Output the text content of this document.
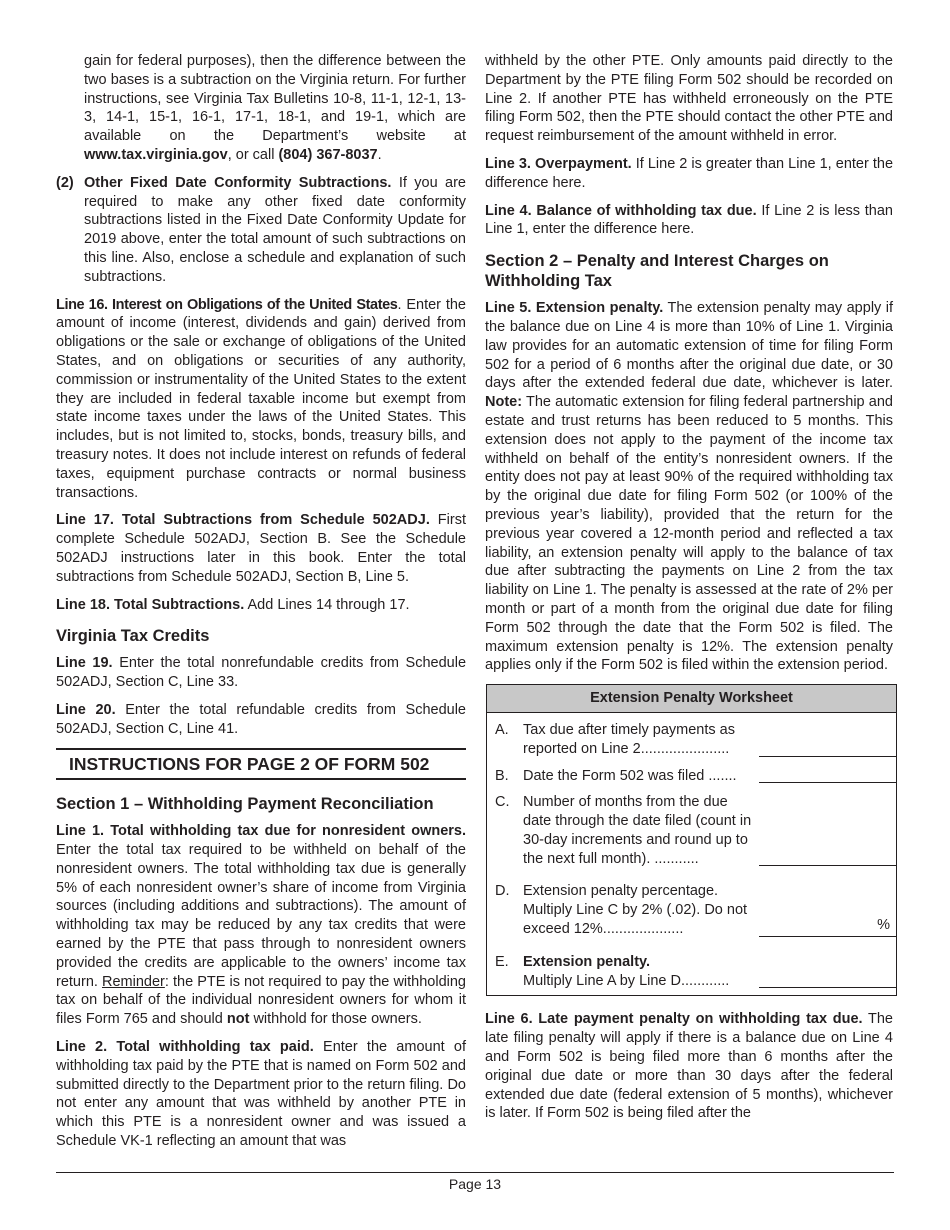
gain for federal purposes), then the difference between the two bases is a subtraction on the Virginia return. For further instructions, see Virginia Tax Bulletins 10-8, 11-1, 12-1, 13-3, 14-1, 15-1, 16-1, 17-1, 18-1, and 19-1, which are available on the Department’s website at www.tax.virginia.gov, or call (804) 367-8037.

(2) Other Fixed Date Conformity Subtractions. If you are required to make any other fixed date conformity subtractions listed in the Fixed Date Conformity Update for 2019 above, enter the total amount of such subtractions on this line. Also, enclose a schedule and explanation of such subtractions.

Line 16. Interest on Obligations of the United States. Enter the amount of income (interest, dividends and gain) derived from obligations or the sale or exchange of obligations of the United States, and on obligations or securities of any authority, commission or instrumentality of the United States to the extent they are included in federal taxable income but exempt from state income taxes under the laws of the United States. This includes, but is not limited to, stocks, bonds, treasury bills, and treasury notes. It does not include interest on refunds of federal taxes, equipment purchase contracts or normal business transactions.

Line 17. Total Subtractions from Schedule 502ADJ. First complete Schedule 502ADJ, Section B. See the Schedule 502ADJ instructions later in this book. Enter the total subtractions from Schedule 502ADJ, Section B, Line 5.

Line 18. Total Subtractions. Add Lines 14 through 17.

Virginia Tax Credits

Line 19. Enter the total nonrefundable credits from Schedule 502ADJ, Section C, Line 33.

Line 20. Enter the total refundable credits from Schedule 502ADJ, Section C, Line 41.

INSTRUCTIONS FOR PAGE 2 OF FORM 502
Section 1 – Withholding Payment Reconciliation

Line 1. Total withholding tax due for nonresident owners. Enter the total tax required to be withheld on behalf of the nonresident owners. The total withholding tax due is generally 5% of each nonresident owner’s share of income from Virginia sources (including additions and subtractions). The amount of withholding tax may be reduced by any tax credits that were earned by the PTE that pass through to nonresident owners provided the credits are applicable to the owners’ income tax return. Reminder: the PTE is not required to pay the withholding tax on behalf of the individual nonresident owners for whom it files Form 765 and should not withhold for those owners.

Line 2. Total withholding tax paid. Enter the amount of withholding tax paid by the PTE that is named on Form 502 and submitted directly to the Department prior to the return filing. Do not enter any amount that was withheld by another PTE in which this PTE is a nonresident owner and was issued a Schedule VK-1 reflecting an amount that was

withheld by the other PTE. Only amounts paid directly to the Department by the PTE filing Form 502 should be recorded on Line 2. If another PTE has withheld erroneously on the PTE filing Form 502, then the PTE should contact the other PTE and request reimbursement of the amount withheld in error.

Line 3. Overpayment. If Line 2 is greater than Line 1, enter the difference here.

Line 4. Balance of withholding tax due. If Line 2 is less than Line 1, enter the difference here.

Section 2 – Penalty and Interest Charges on Withholding Tax

Line 5. Extension penalty. The extension penalty may apply if the balance due on Line 4 is more than 10% of Line 1. Virginia law provides for an automatic extension of time for filing Form 502 for a period of 6 months after the original due date, or 30 days after the extended federal due date, whichever is later. Note: The automatic extension for filing federal partnership and estate and trust returns has been reduced to 5 months. This extension does not apply to the payment of the income tax withheld on behalf of the entity’s nonresident owners. If the entity does not pay at least 90% of the required withholding tax by the original due date for filing Form 502 (or 100% of the previous year’s liability), provided that the return for the previous year covered a 12-month period and reflected a tax liability, an extension penalty will apply to the balance of tax due after subtracting the payments on Line 2 from the tax liability on Line 1. The penalty is assessed at the rate of 2% per month or part of a month from the original due date for filing Form 502 through the date that the Form 502 is filed. The maximum extension penalty is 12%. The extension penalty applies only if the Form 502 is filed within the extension period.

Extension Penalty Worksheet
A. Tax due after timely payments as reported on Line 2......................
B. Date the Form 502 was filed .......
C. Number of months from the due date through the date filed (count in 30-day increments and round up to the next full month). ...........
D. Extension penalty percentage. Multiply Line C by 2% (.02). Do not exceed 12%....................	%
E. Extension penalty.
Multiply Line A by Line D............

Line 6. Late payment penalty on withholding tax due. The late filing penalty will apply if there is a balance due on Line 4 and Form 502 is being filed more than 6 months after the original due date or more than 30 days after the federal extended due date (federal extension of 5 months), whichever is later. If Form 502 is being filed after the

Page 13
